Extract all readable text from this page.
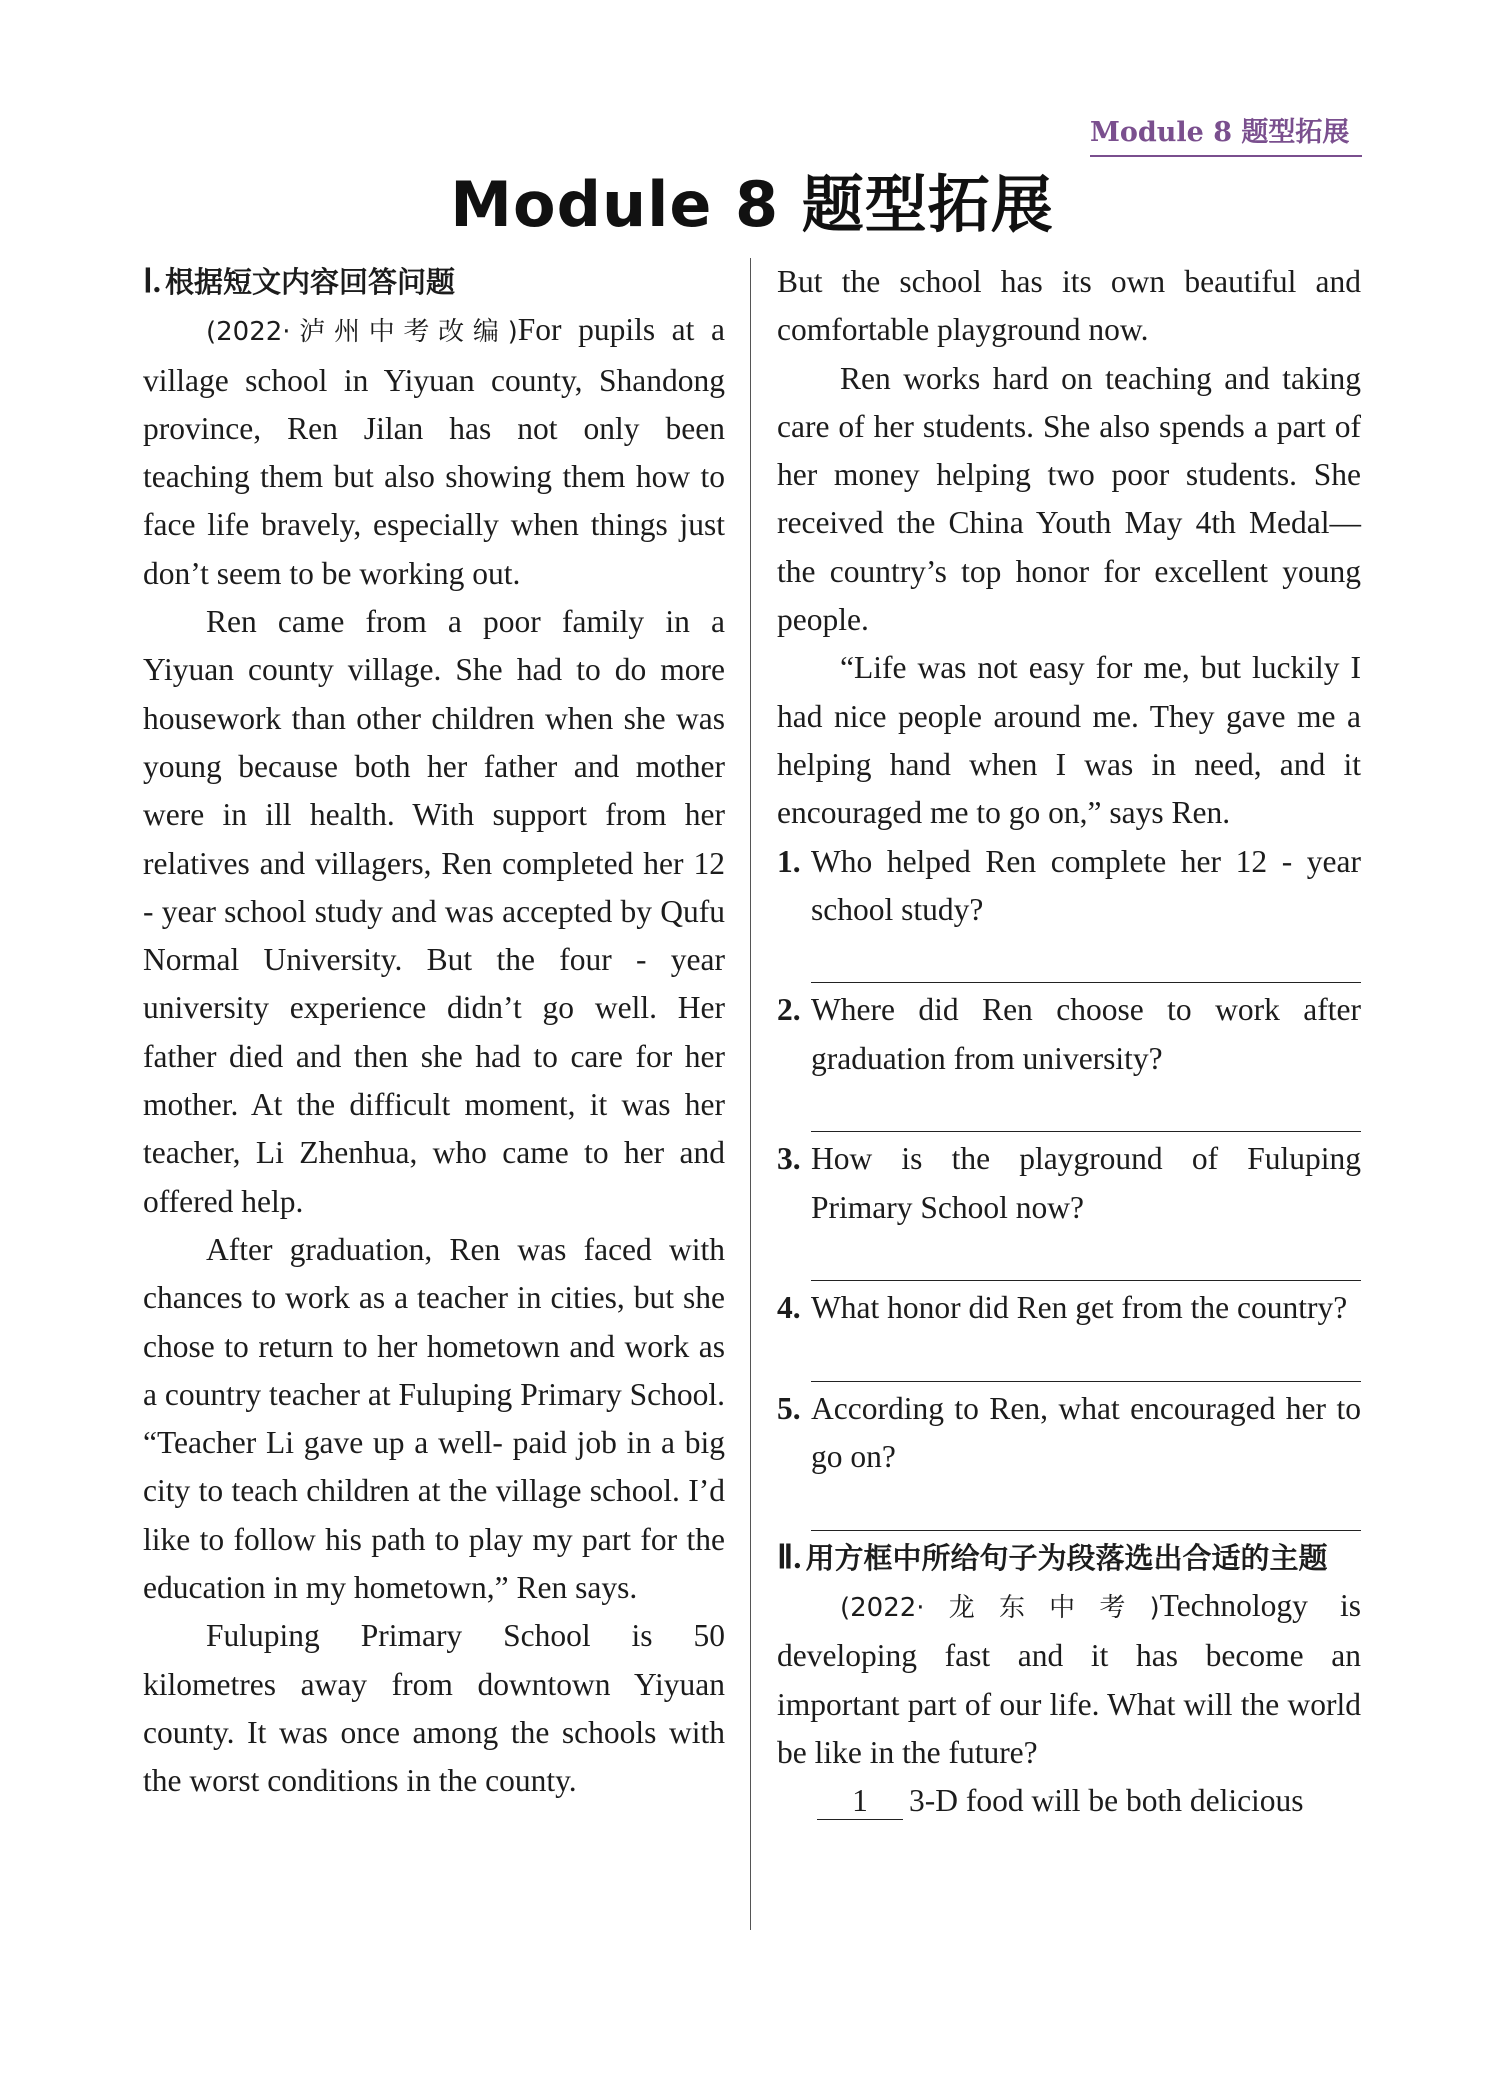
Module 8 题型拓展
Module 8 题型拓展
Ⅰ. 根据短文内容回答问题

(2022·泸州中考改编)For pupils at a village school in Yiyuan county, Shandong province, Ren Jilan has not only been teaching them but also showing them how to face life bravely, especially when things just don’t seem to be working out.

Ren came from a poor family in a Yiyuan county village. She had to do more housework than other children when she was young because both her father and mother were in ill health. With support from her relatives and villagers, Ren completed her 12 - year school study and was accepted by Qufu Normal University. But the four - year university experience didn’t go well. Her father died and then she had to care for her mother. At the difficult moment, it was her teacher, Li Zhenhua, who came to her and offered help.

After graduation, Ren was faced with chances to work as a teacher in cities, but she chose to return to her hometown and work as a country teacher at Fuluping Primary School. “Teacher Li gave up a well- paid job in a big city to teach children at the village school. I’d like to follow his path to play my part for the education in my hometown,” Ren says.

Fuluping Primary School is 50 kilometres away from downtown Yiyuan county. It was once among the schools with the worst conditions in the county.

But the school has its own beautiful and comfortable playground now.

Ren works hard on teaching and taking care of her students. She also spends a part of her money helping two poor students. She received the China Youth May 4th Medal—the country’s top honor for excellent young people.

“Life was not easy for me, but luckily I had nice people around me. They gave me a helping hand when I was in need, and it encouraged me to go on,” says Ren.

1. Who helped Ren complete her 12 - year school study?
2. Where did Ren choose to work after graduation from university?
3. How is the playground of Fuluping Primary School now?
4. What honor did Ren get from the country?
5. According to Ren, what encouraged her to go on?
Ⅱ. 用方框中所给句子为段落选出合适的主题

(2022·龙东中考)Technology is developing fast and it has become an important part of our life. What will the world be like in the future?

1 3-D food will be both delicious
